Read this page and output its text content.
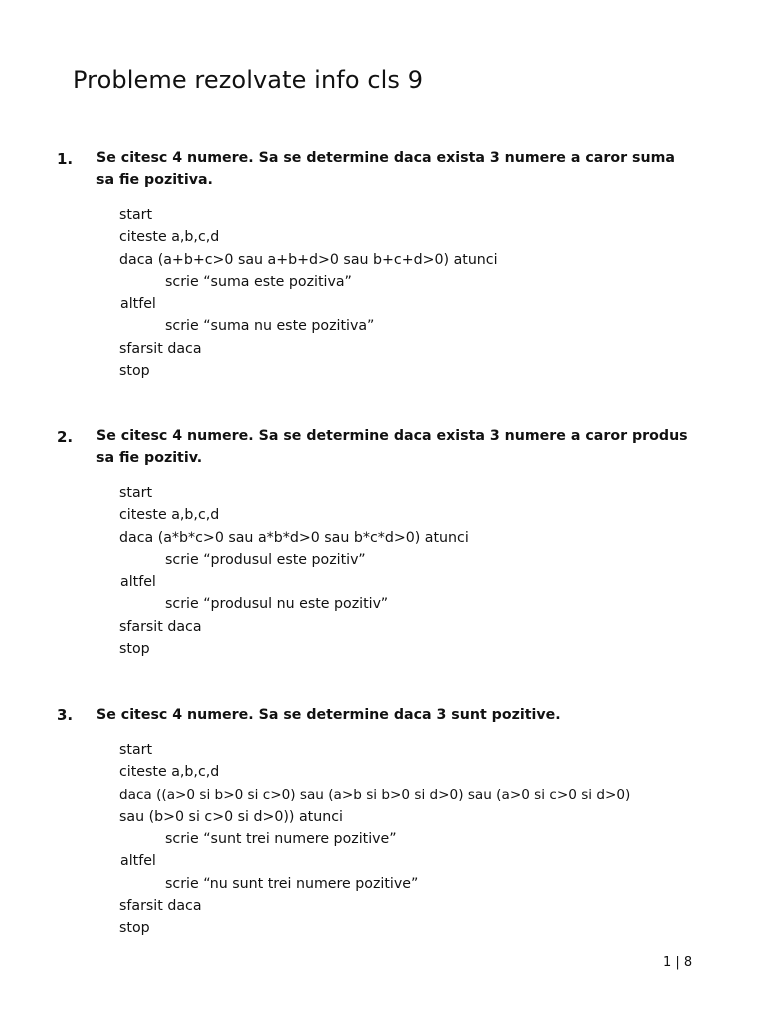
Probleme rezolvate info cls 9
1. Se citesc 4 numere. Sa se determine daca exista 3 numere a caror suma sa fie pozitiva.

start
citeste a,b,c,d
daca (a+b+c>0 sau a+b+d>0 sau b+c+d>0) atunci
scrie “suma este pozitiva”
altfel
scrie “suma nu este pozitiva”
sfarsit daca
stop
2. Se citesc 4 numere. Sa se determine daca exista 3 numere a caror produs sa fie pozitiv.

start
citeste a,b,c,d
daca (a*b*c>0 sau a*b*d>0 sau b*c*d>0) atunci
scrie “produsul este pozitiv”
altfel
scrie “produsul nu este pozitiv”
sfarsit daca
stop
3. Se citesc 4 numere. Sa se determine daca 3 sunt pozitive.

start
citeste a,b,c,d
daca ((a>0 si b>0 si c>0) sau (a>b si b>0 si d>0) sau (a>0 si c>0 si d>0)
sau (b>0 si c>0 si d>0)) atunci
scrie “sunt trei numere pozitive”
altfel
scrie “nu sunt trei numere pozitive”
sfarsit daca
stop
1 | 8
